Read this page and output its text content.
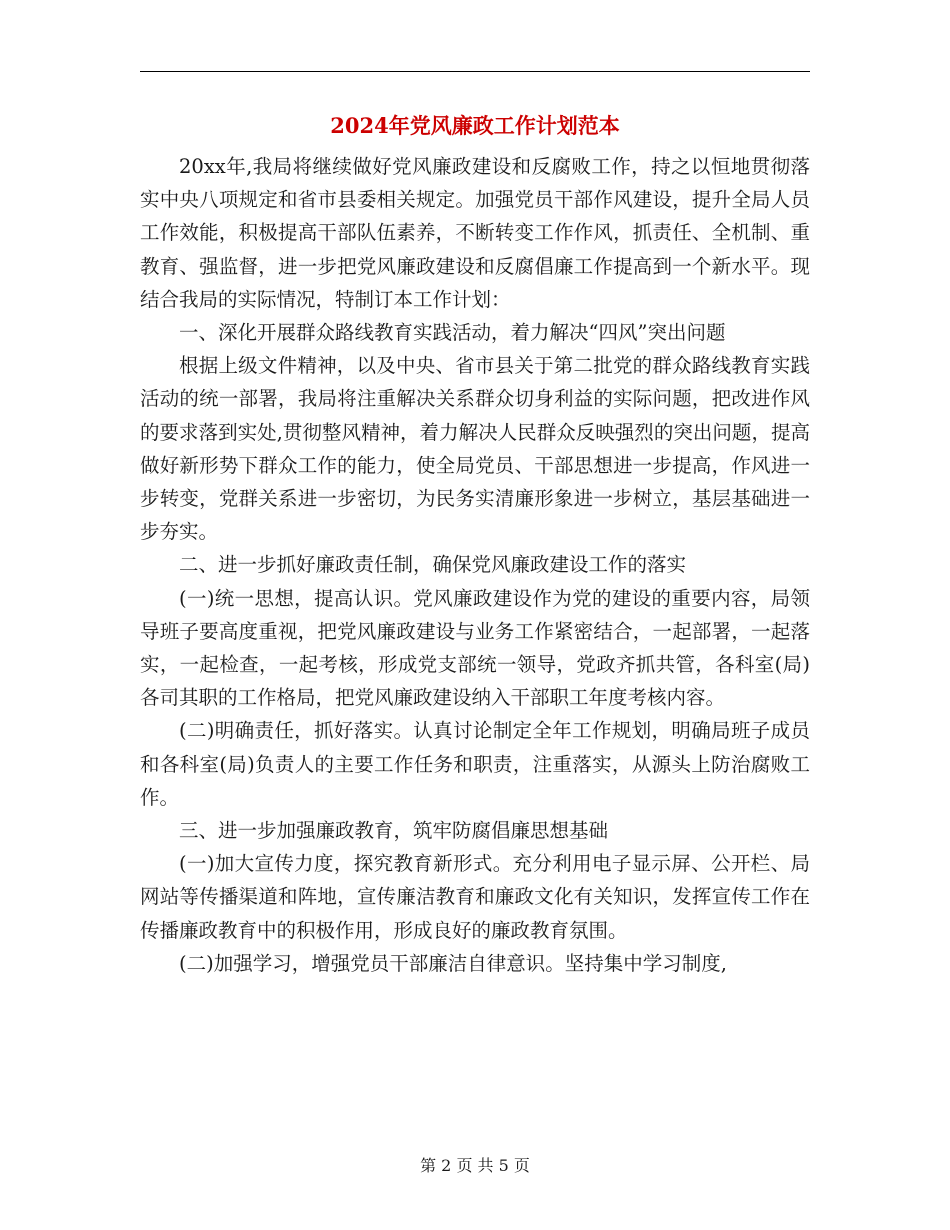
2024年党风廉政工作计划范本

20xx年,我局将继续做好党风廉政建设和反腐败工作，持之以恒地贯彻落实中央八项规定和省市县委相关规定。加强党员干部作风建设，提升全局人员工作效能，积极提高干部队伍素养，不断转变工作作风，抓责任、全机制、重教育、强监督，进一步把党风廉政建设和反腐倡廉工作提高到一个新水平。现结合我局的实际情况，特制订本工作计划：

一、深化开展群众路线教育实践活动，着力解决“四风”突出问题

根据上级文件精神，以及中央、省市县关于第二批党的群众路线教育实践活动的统一部署，我局将注重解决关系群众切身利益的实际问题，把改进作风的要求落到实处,贯彻整风精神，着力解决人民群众反映强烈的突出问题，提高做好新形势下群众工作的能力，使全局党员、干部思想进一步提高，作风进一步转变，党群关系进一步密切，为民务实清廉形象进一步树立，基层基础进一步夯实。

二、进一步抓好廉政责任制，确保党风廉政建设工作的落实

(一)统一思想，提高认识。党风廉政建设作为党的建设的重要内容，局领导班子要高度重视，把党风廉政建设与业务工作紧密结合，一起部署，一起落实，一起检查，一起考核，形成党支部统一领导，党政齐抓共管，各科室(局)各司其职的工作格局，把党风廉政建设纳入干部职工年度考核内容。

(二)明确责任，抓好落实。认真讨论制定全年工作规划，明确局班子成员和各科室(局)负责人的主要工作任务和职责，注重落实，从源头上防治腐败工作。

三、进一步加强廉政教育，筑牢防腐倡廉思想基础

(一)加大宣传力度，探究教育新形式。充分利用电子显示屏、公开栏、局网站等传播渠道和阵地，宣传廉洁教育和廉政文化有关知识，发挥宣传工作在传播廉政教育中的积极作用，形成良好的廉政教育氛围。

(二)加强学习，增强党员干部廉洁自律意识。坚持集中学习制度,

第 2 页 共 5 页
